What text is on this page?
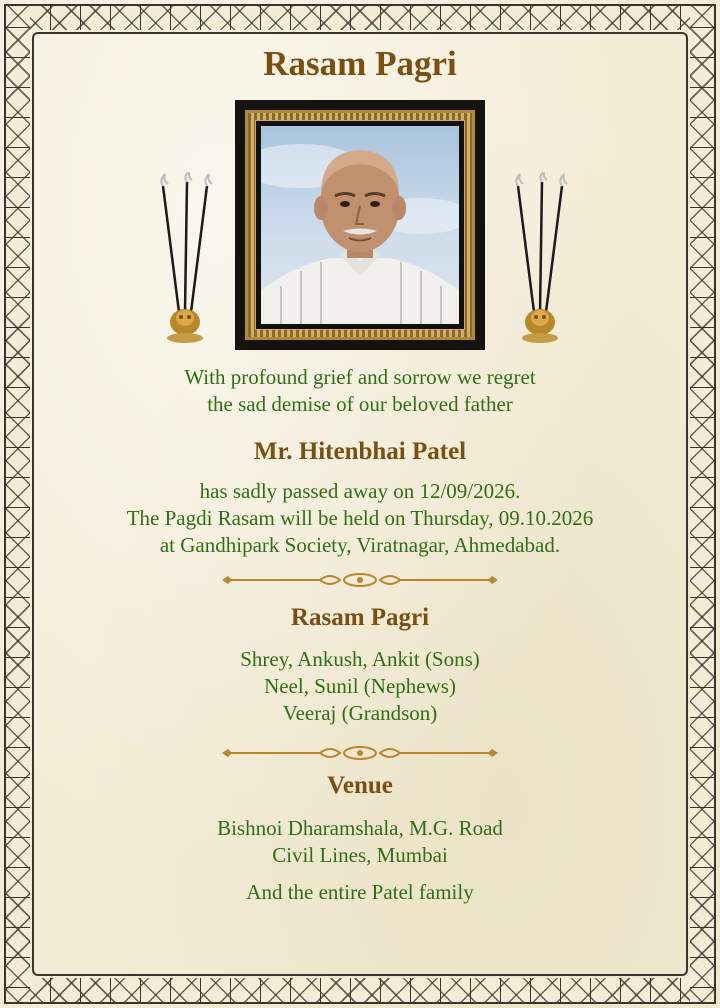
Rasam Pagri
With profound grief and sorrow we regret
the sad demise of our beloved father
Mr. Hitenbhai Patel
has sadly passed away on 12/09/2026.
The Pagdi Rasam will be held on Thursday, 09.10.2026
at Gandhipark Society, Viratnagar, Ahmedabad.
Rasam Pagri
Shrey, Ankush, Ankit (Sons)
Neel, Sunil (Nephews)
Veeraj (Grandson)
Venue
Bishnoi Dharamshala, M.G. Road
Civil Lines, Mumbai
And the entire Patel family
